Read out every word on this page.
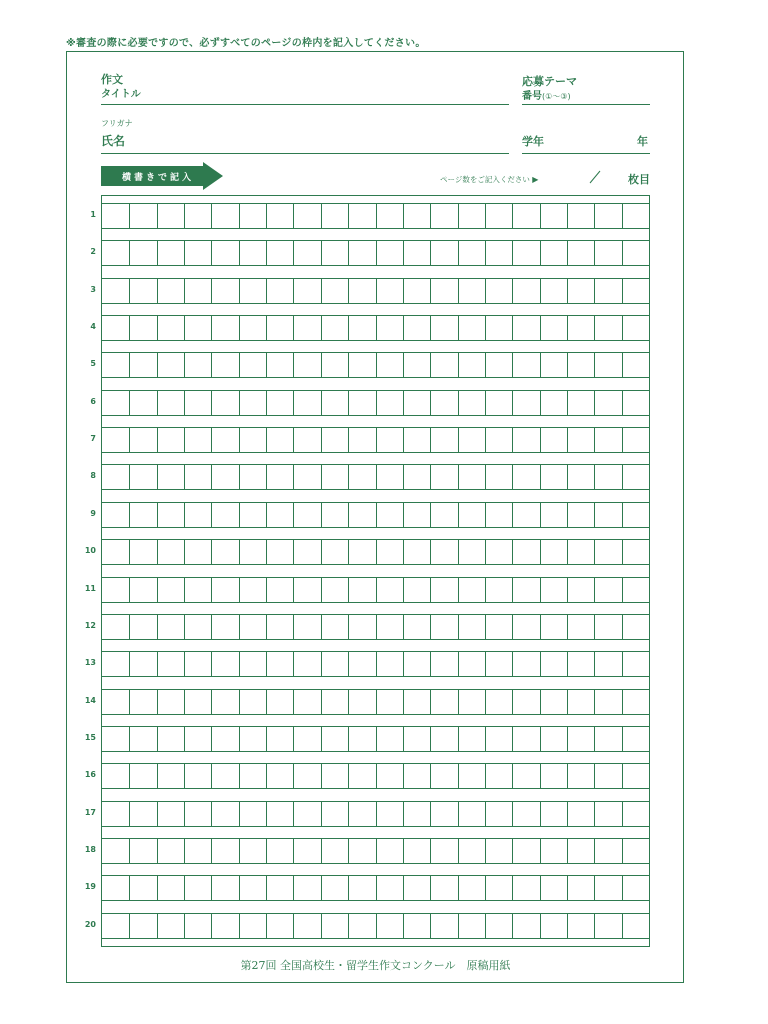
※審査の際に必要ですので、必ずすべてのページの枠内を記入してください。
作文
タイトル
応募テーマ
番号(①〜③)
フリガナ
氏名	学年	年
横書きで記入	ページ数をご記入ください ▶	枚目
1
2
3
4
5
6
7
8
9
10
11
12
13
14
15
16
17
18
19
20
第27回 全国高校生・留学生作文コンクール　原稿用紙
